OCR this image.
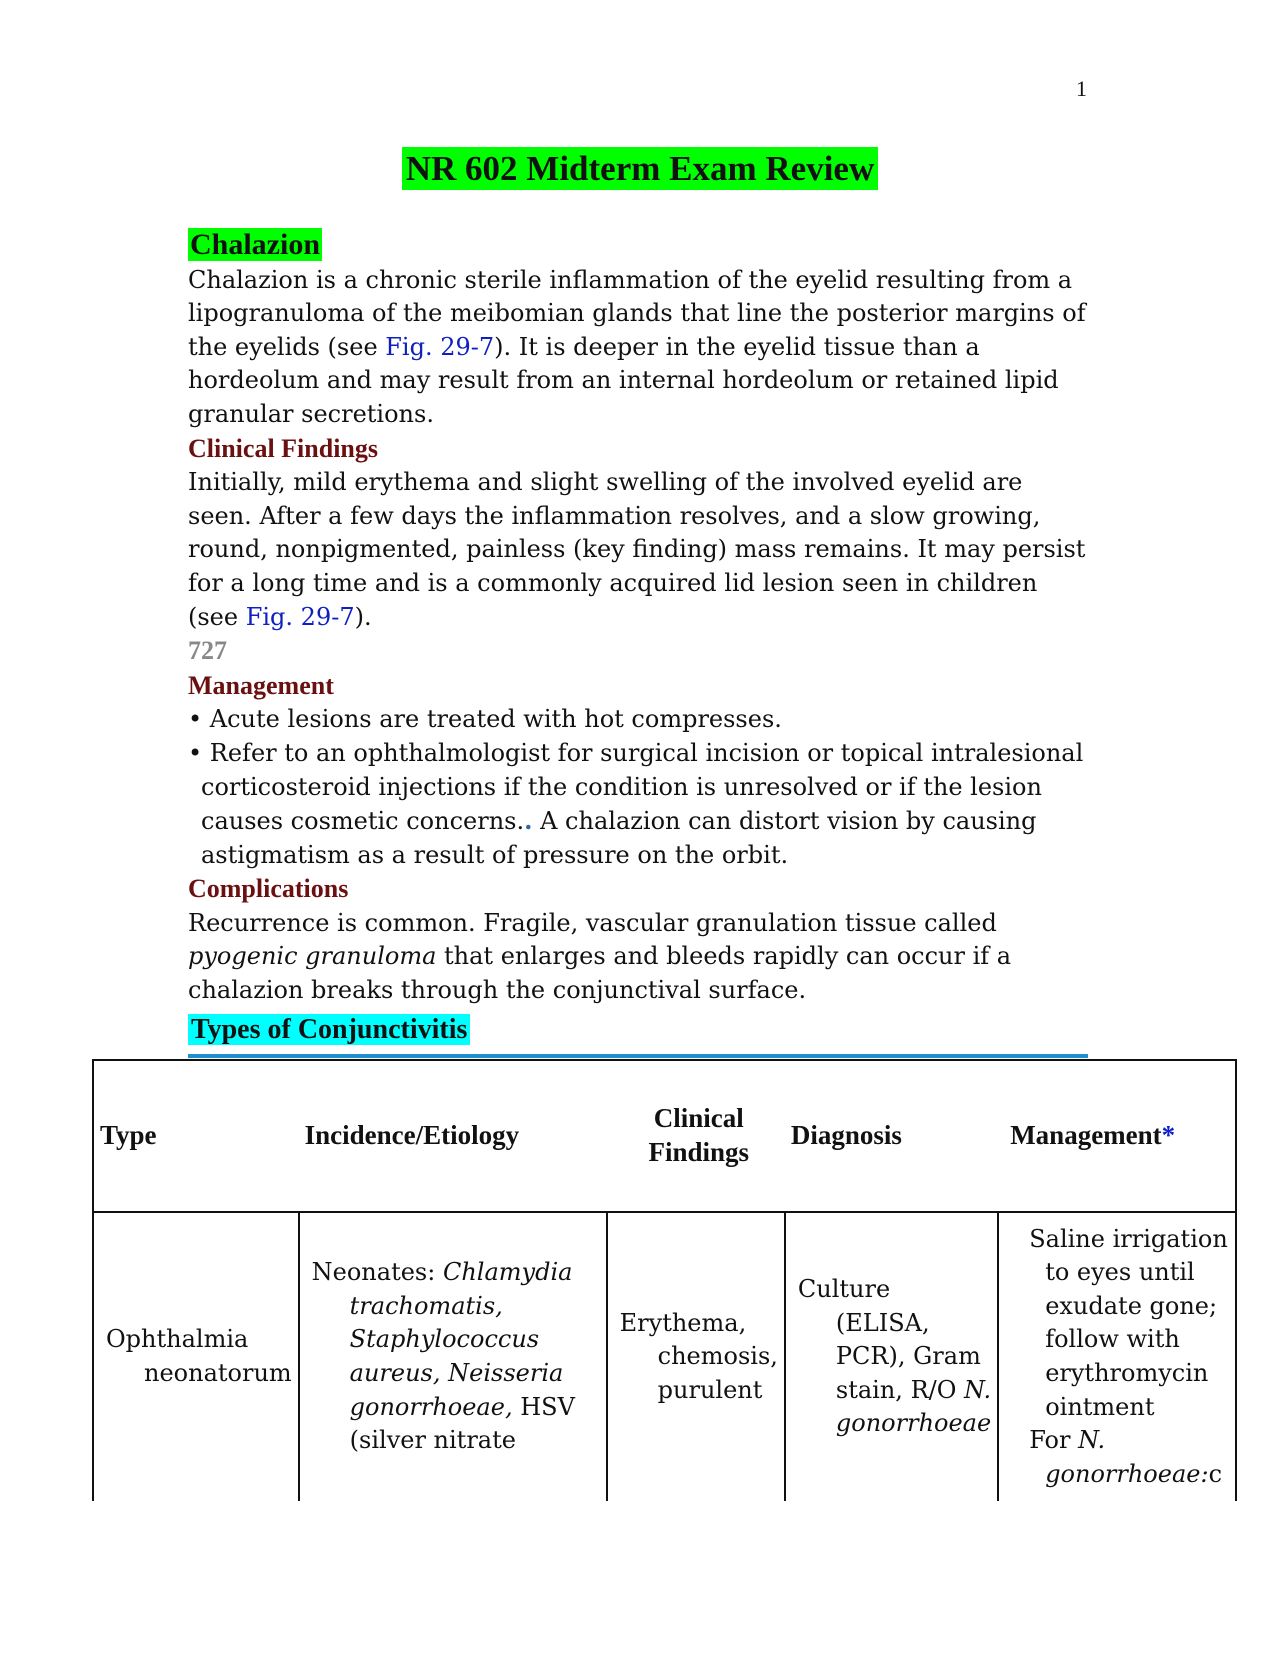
1
NR 602 Midterm Exam Review

Chalazion

Chalazion is a chronic sterile inflammation of the eyelid resulting from a lipogranuloma of the meibomian glands that line the posterior margins of the eyelids (see Fig. 29-7). It is deeper in the eyelid tissue than a hordeolum and may result from an internal hordeolum or retained lipid granular secretions.

Clinical Findings

Initially, mild erythema and slight swelling of the involved eyelid are seen. After a few days the inflammation resolves, and a slow growing, round, nonpigmented, painless (key finding) mass remains. It may persist for a long time and is a commonly acquired lid lesion seen in children (see Fig. 29-7).

727

Management

• Acute lesions are treated with hot compresses.

• Refer to an ophthalmologist for surgical incision or topical intralesional corticosteroid injections if the condition is unresolved or if the lesion causes cosmetic concerns.. A chalazion can distort vision by causing astigmatism as a result of pressure on the orbit.

Complications

Recurrence is common. Fragile, vascular granulation tissue called pyogenic granuloma that enlarges and bleeds rapidly can occur if a chalazion breaks through the conjunctival surface.

Types of Conjunctivitis
Type	Incidence/Etiology	Clinical Findings	Diagnosis	Management*

Ophthalmia neonatorum	Neonates: Chlamydia trachomatis, Staphylococcus aureus, Neisseria gonorrhoeae, HSV (silver nitrate	Erythema, chemosis, purulent	Culture (ELISA, PCR), Gram stain, R/O N. gonorrhoeae	Saline irrigation to eyes until exudate gone; follow with erythromycin ointment
For N. gonorrhoeae:c
